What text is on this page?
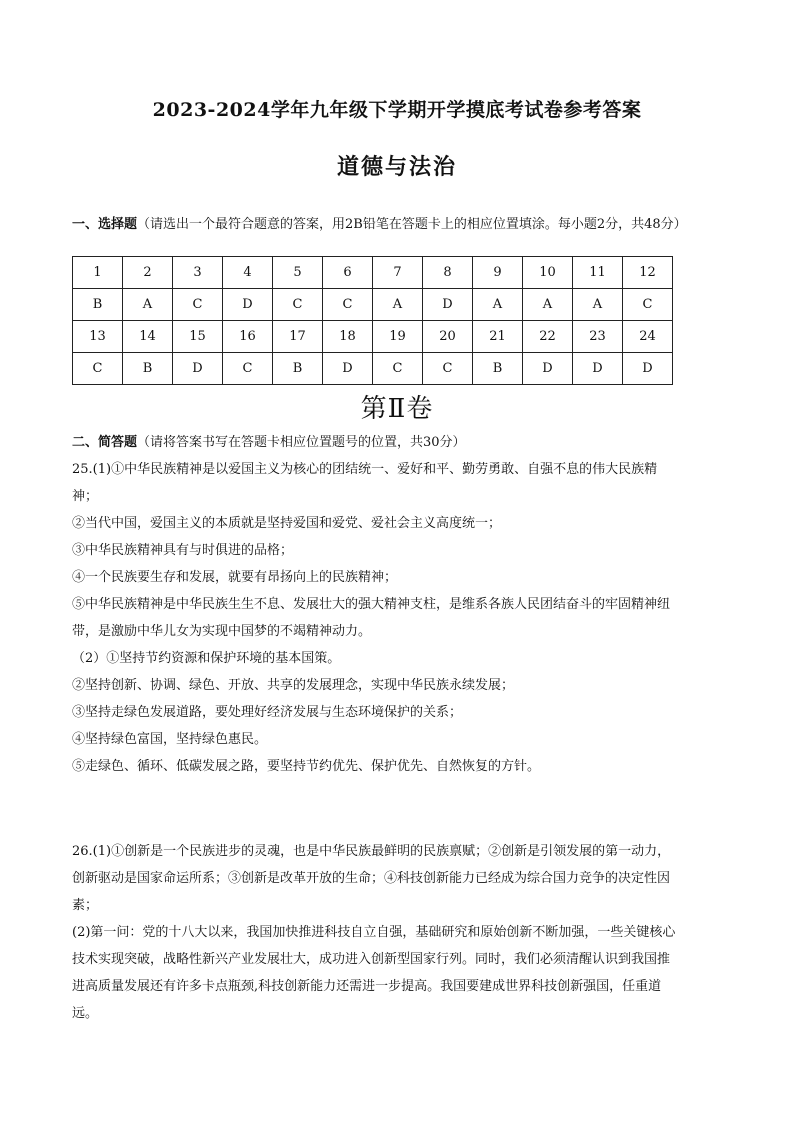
2023-2024学年九年级下学期开学摸底考试卷参考答案
道德与法治
一、选择题（请选出一个最符合题意的答案，用2B铅笔在答题卡上的相应位置填涂。每小题2分，共48分）
1	2	3	4	5	6	7	8	9	10	11	12
B	A	C	D	C	C	A	D	A	A	A	C
13	14	15	16	17	18	19	20	21	22	23	24
C	B	D	C	B	D	C	C	B	D	D	D
第Ⅱ卷
二、简答题（请将答案书写在答题卡相应位置题号的位置，共30分）

25.(1)①中华民族精神是以爱国主义为核心的团结统一、爱好和平、勤劳勇敢、自强不息的伟大民族精神；

②当代中国，爱国主义的本质就是坚持爱国和爱党、爱社会主义高度统一；

③中华民族精神具有与时俱进的品格；

④一个民族要生存和发展，就要有昂扬向上的民族精神；

⑤中华民族精神是中华民族生生不息、发展壮大的强大精神支柱，是维系各族人民团结奋斗的牢固精神纽带，是激励中华儿女为实现中国梦的不竭精神动力。

（2）①坚持节约资源和保护环境的基本国策。

②坚持创新、协调、绿色、开放、共享的发展理念，实现中华民族永续发展；

③坚持走绿色发展道路，要处理好经济发展与生态环境保护的关系；

④坚持绿色富国，坚持绿色惠民。

⑤走绿色、循环、低碳发展之路，要坚持节约优先、保护优先、自然恢复的方针。

26.(1)①创新是一个民族进步的灵魂，也是中华民族最鲜明的民族禀赋；②创新是引领发展的第一动力，创新驱动是国家命运所系；③创新是改革开放的生命；④科技创新能力已经成为综合国力竞争的决定性因素；

(2)第一问：党的十八大以来，我国加快推进科技自立自强，基础研究和原始创新不断加强，一些关键核心技术实现突破，战略性新兴产业发展壮大，成功进入创新型国家行列。同时，我们必须清醒认识到我国推进高质量发展还有许多卡点瓶颈,科技创新能力还需进一步提高。我国要建成世界科技创新强国，任重道远。
